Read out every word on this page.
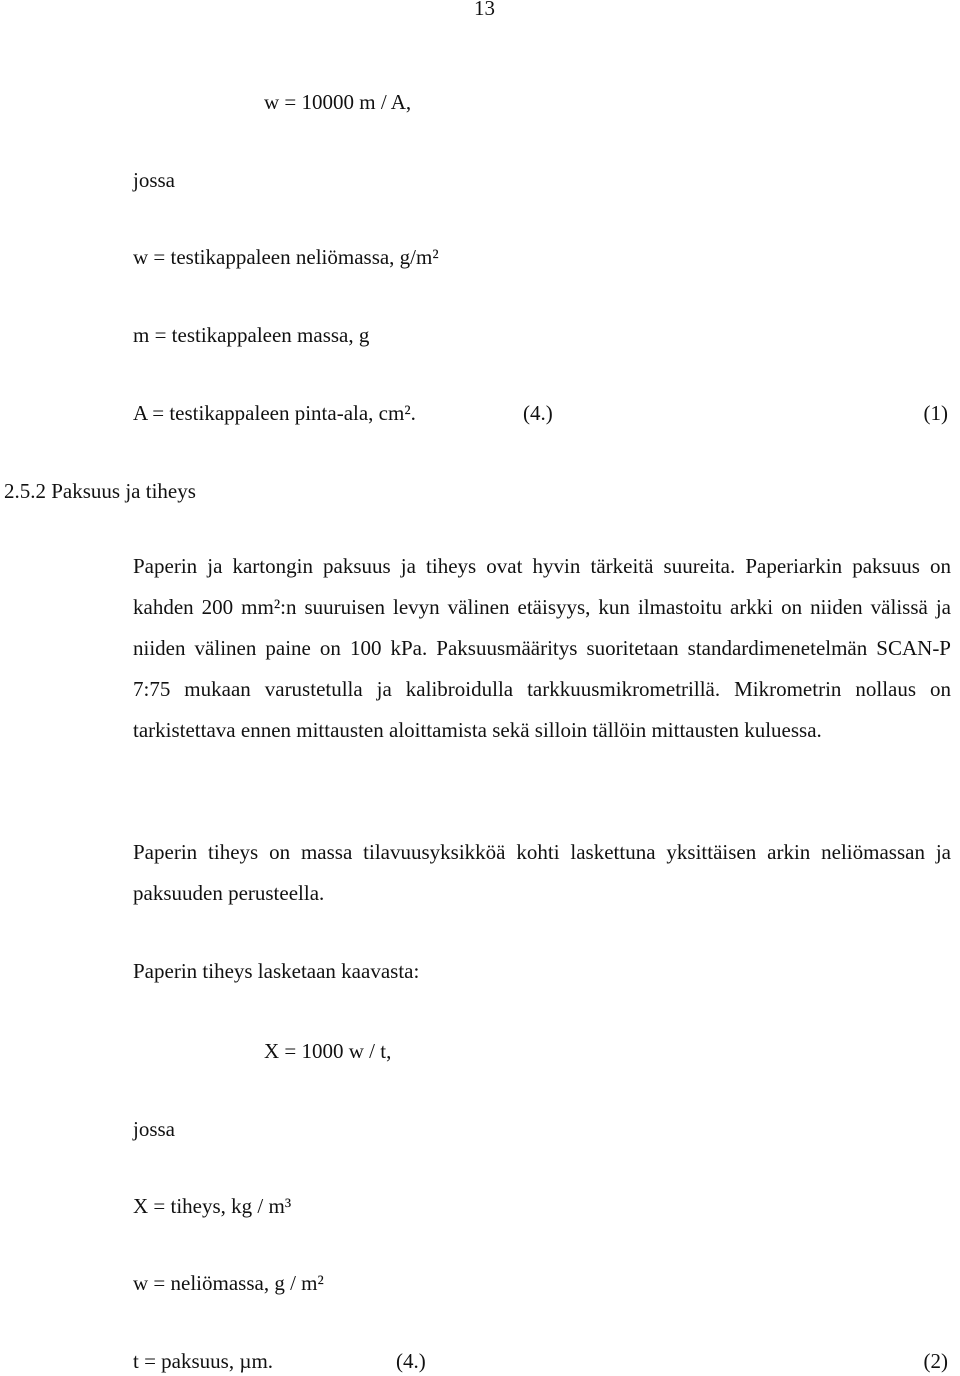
13
w = 10000 m / A,
jossa
w = testikappaleen neliömassa, g/m²
m = testikappaleen massa, g
A = testikappaleen pinta-ala, cm².	(4.)	(1)
2.5.2 Paksuus ja tiheys

Paperin ja kartongin paksuus ja tiheys ovat hyvin tärkeitä suureita. Paperiarkin paksuus on kahden 200 mm²:n suuruisen levyn välinen etäisyys, kun ilmastoitu arkki on niiden välissä ja niiden välinen paine on 100 kPa. Paksuusmääritys suoritetaan standardimenetelmän SCAN-P 7:75 mukaan varustetulla ja kalibroidulla tarkkuusmikrometrillä. Mikrometrin nollaus on tarkistettava ennen mittausten aloittamista sekä silloin tällöin mittausten kuluessa.

Paperin tiheys on massa tilavuusyksikköä kohti laskettuna yksittäisen arkin neliömassan ja paksuuden perusteella.

Paperin tiheys lasketaan kaavasta:

X = 1000 w / t,
jossa
X = tiheys, kg / m³
w = neliömassa, g / m²
t = paksuus, µm.	(4.)	(2)
